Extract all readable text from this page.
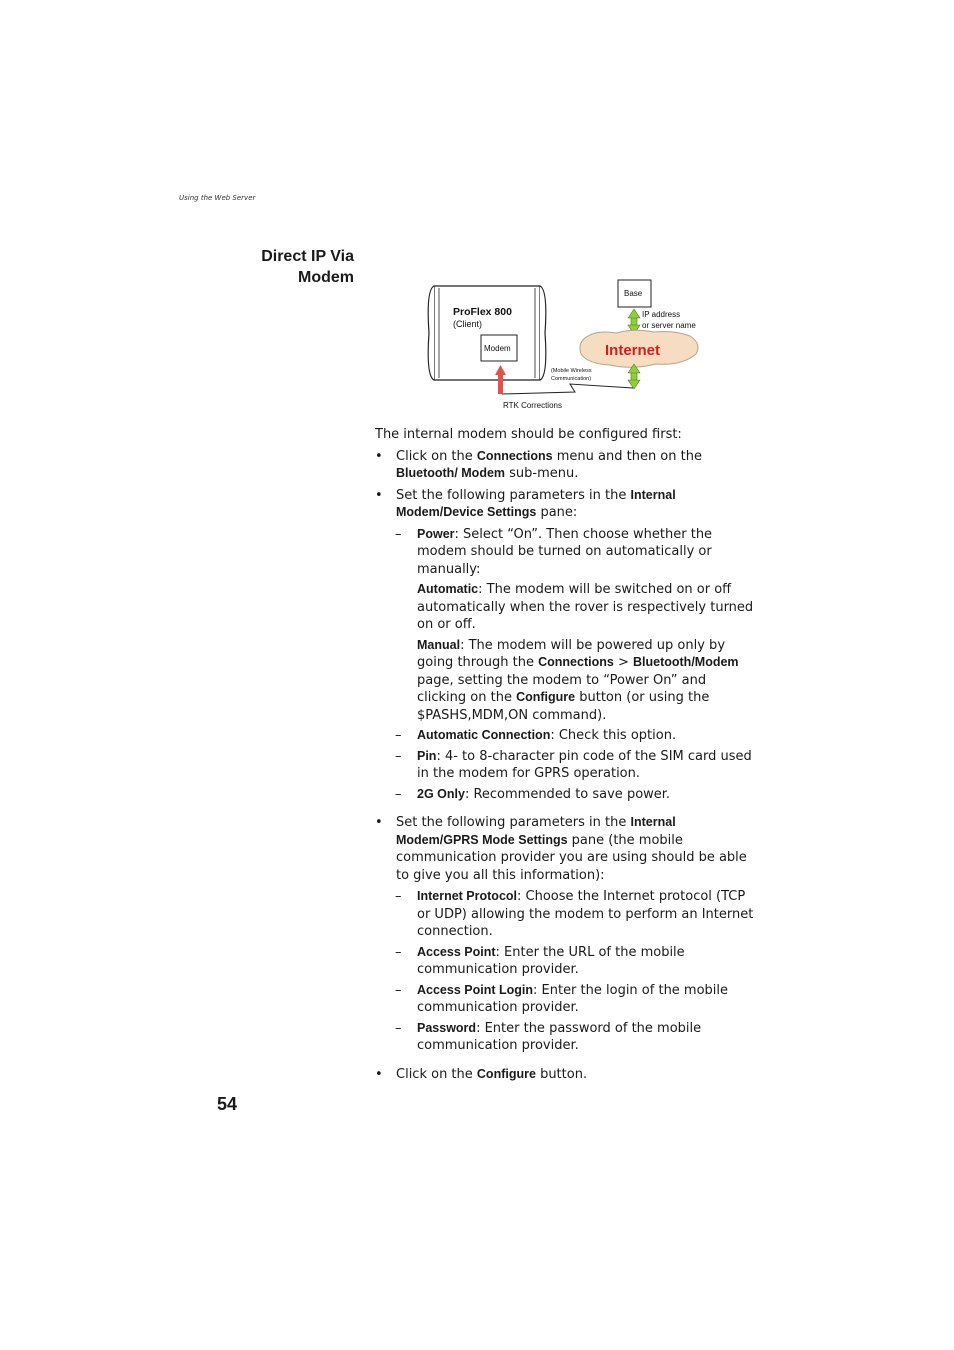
Using the Web Server
Direct IP Via
Modem
ProFlex 800
(Client)
Modem
Base
IP address
or server name
Internet
(Mobile Wireless
Communication)
RTK Corrections

The internal modem should be configured first:

• Click on the Connections menu and then on the Bluetooth/ Modem sub-menu.
• Set the following parameters in the Internal Modem/Device Settings pane:
– Power: Select “On”. Then choose whether the modem should be turned on automatically or manually:
Automatic: The modem will be switched on or off automatically when the rover is respectively turned on or off.
Manual: The modem will be powered up only by going through the Connections > Bluetooth/Modem page, setting the modem to “Power On” and clicking on the Configure button (or using the $PASHS,MDM,ON command).
– Automatic Connection: Check this option.
– Pin: 4- to 8-character pin code of the SIM card used in the modem for GPRS operation.
– 2G Only: Recommended to save power.
• Set the following parameters in the Internal Modem/GPRS Mode Settings pane (the mobile communication provider you are using should be able to give you all this information):
– Internet Protocol: Choose the Internet protocol (TCP or UDP) allowing the modem to perform an Internet connection.
– Access Point: Enter the URL of the mobile communication provider.
– Access Point Login: Enter the login of the mobile communication provider.
– Password: Enter the password of the mobile communication provider.
• Click on the Configure button.
54
